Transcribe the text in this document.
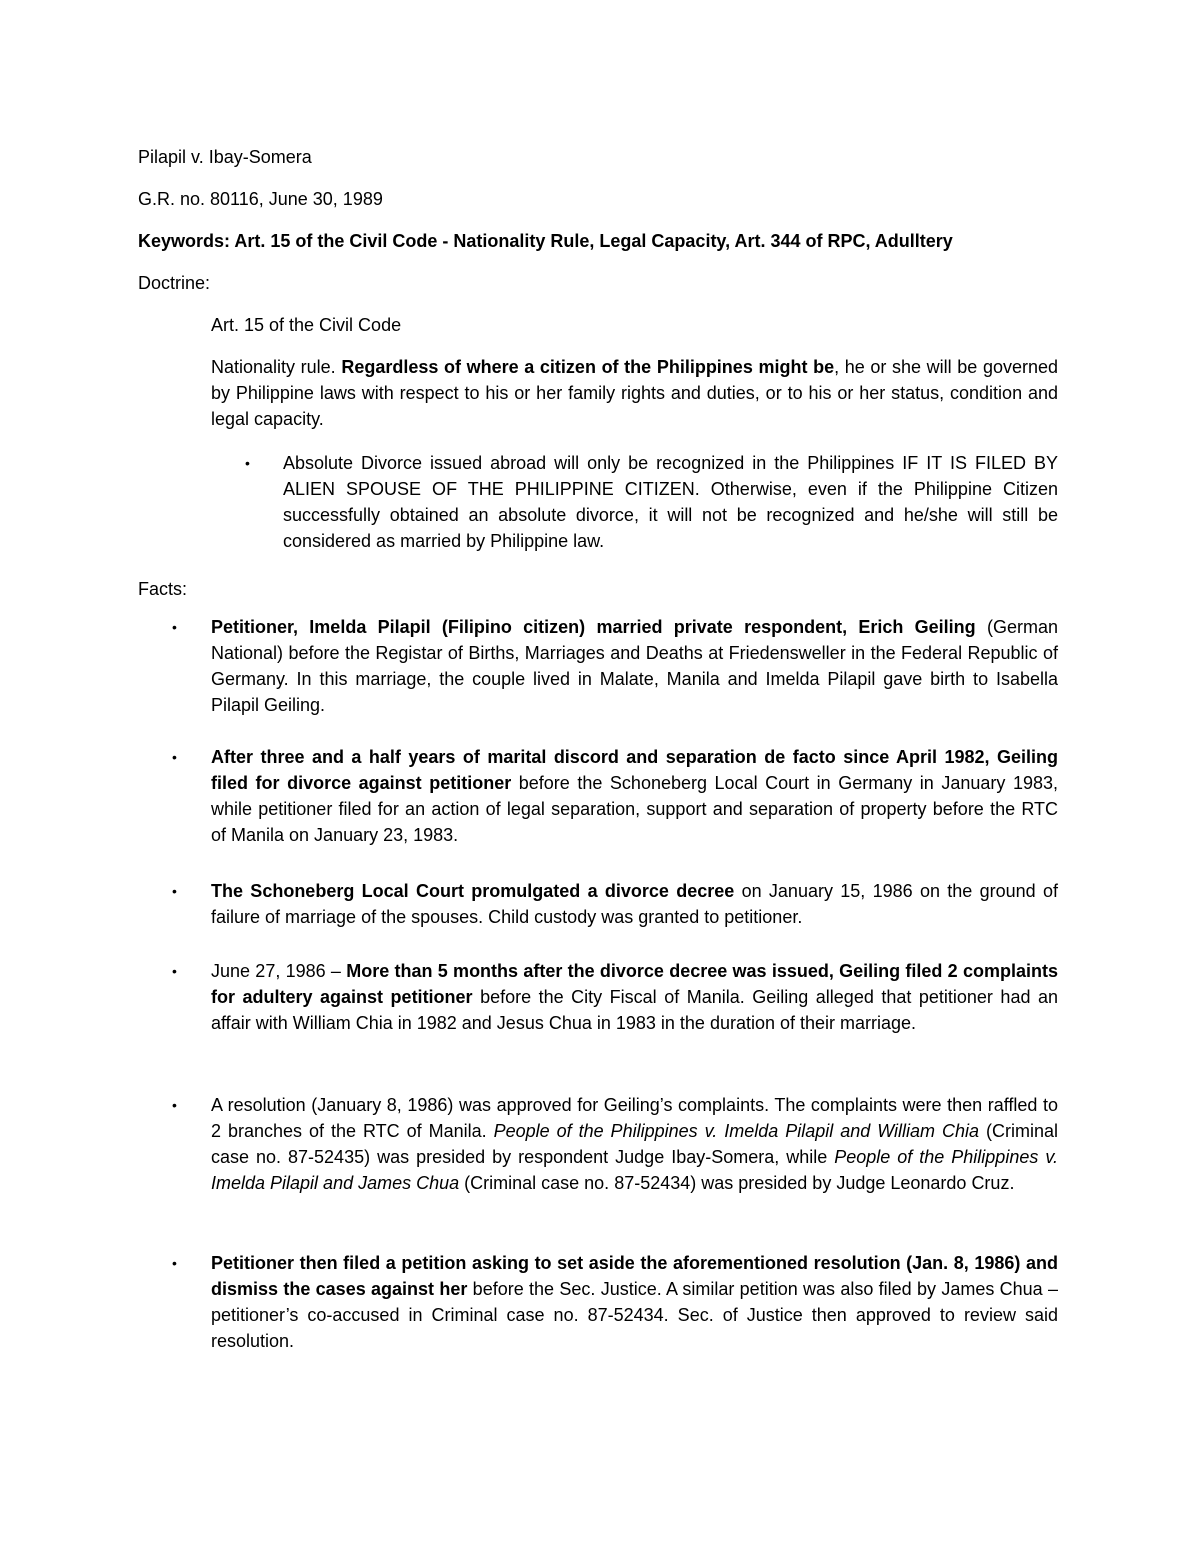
Pilapil v. Ibay-Somera

G.R. no. 80116, June 30, 1989

Keywords: Art. 15 of the Civil Code - Nationality Rule, Legal Capacity, Art. 344 of RPC, Adulltery

Doctrine:

Art. 15 of the Civil Code

Nationality rule. Regardless of where a citizen of the Philippines might be, he or she will be governed by Philippine laws with respect to his or her family rights and duties, or to his or her status, condition and legal capacity.

• Absolute Divorce issued abroad will only be recognized in the Philippines IF IT IS FILED BY ALIEN SPOUSE OF THE PHILIPPINE CITIZEN. Otherwise, even if the Philippine Citizen successfully obtained an absolute divorce, it will not be recognized and he/she will still be considered as married by Philippine law.

Facts:

• Petitioner, Imelda Pilapil (Filipino citizen) married private respondent, Erich Geiling (German National) before the Registar of Births, Marriages and Deaths at Friedensweller in the Federal Republic of Germany. In this marriage, the couple lived in Malate, Manila and Imelda Pilapil gave birth to Isabella Pilapil Geiling.

• After three and a half years of marital discord and separation de facto since April 1982, Geiling filed for divorce against petitioner before the Schoneberg Local Court in Germany in January 1983, while petitioner filed for an action of legal separation, support and separation of property before the RTC of Manila on January 23, 1983.

• The Schoneberg Local Court promulgated a divorce decree on January 15, 1986 on the ground of failure of marriage of the spouses. Child custody was granted to petitioner.

• June 27, 1986 – More than 5 months after the divorce decree was issued, Geiling filed 2 complaints for adultery against petitioner before the City Fiscal of Manila. Geiling alleged that petitioner had an affair with William Chia in 1982 and Jesus Chua in 1983 in the duration of their marriage.

• A resolution (January 8, 1986) was approved for Geiling’s complaints. The complaints were then raffled to 2 branches of the RTC of Manila. People of the Philippines v. Imelda Pilapil and William Chia (Criminal case no. 87-52435) was presided by respondent Judge Ibay-Somera, while People of the Philippines v. Imelda Pilapil and James Chua (Criminal case no. 87-52434) was presided by Judge Leonardo Cruz.

• Petitioner then filed a petition asking to set aside the aforementioned resolution (Jan. 8, 1986) and dismiss the cases against her before the Sec. Justice. A similar petition was also filed by James Chua – petitioner’s co-accused in Criminal case no. 87-52434. Sec. of Justice then approved to review said resolution.
